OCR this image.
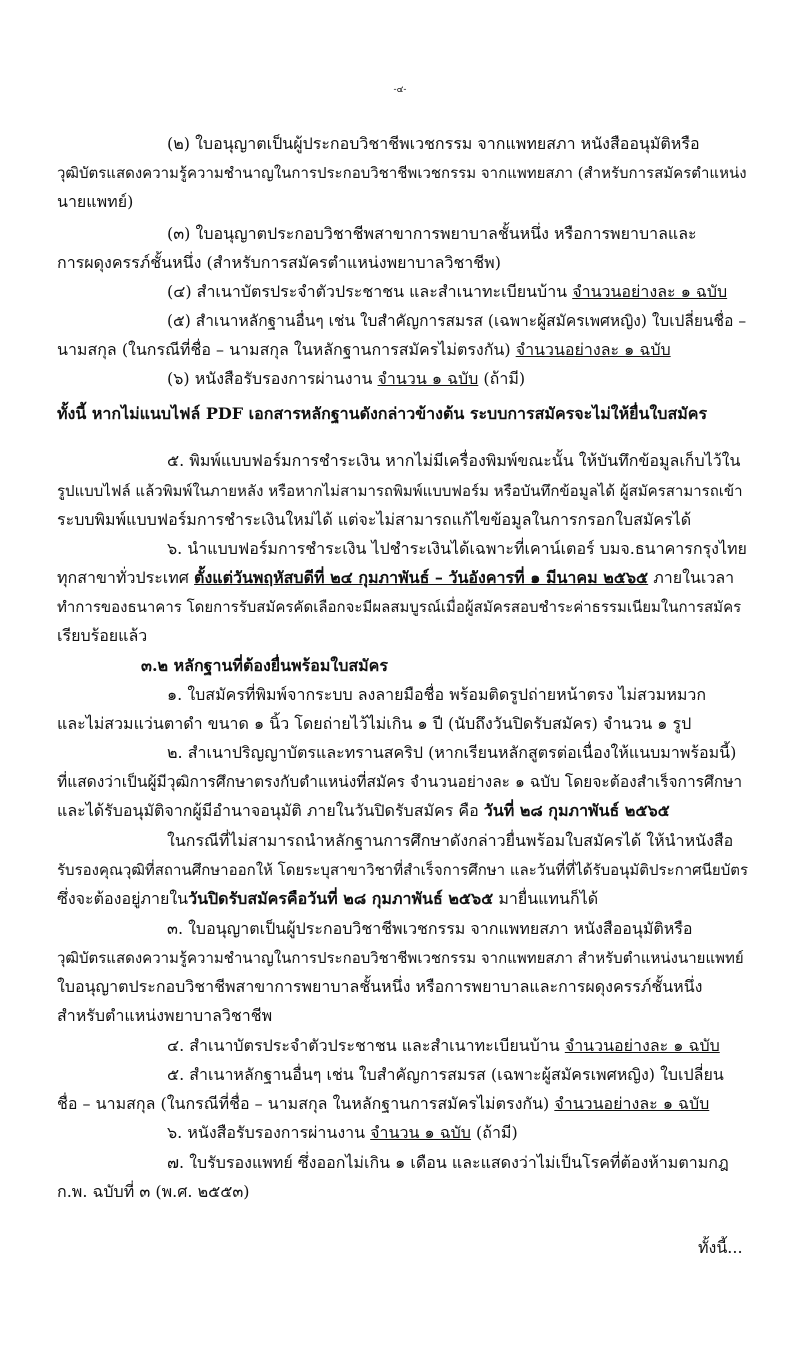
-๔-
(๒) ใบอนุญาตเป็นผู้ประกอบวิชาชีพเวชกรรม จากแพทยสภา หนังสืออนุมัติหรือ
วุฒิบัตรแสดงความรู้ความชำนาญในการประกอบวิชาชีพเวชกรรม จากแพทยสภา (สำหรับการสมัครตำแหน่ง
นายแพทย์)
(๓) ใบอนุญาตประกอบวิชาชีพสาขาการพยาบาลชั้นหนึ่ง หรือการพยาบาลและ
การผดุงครรภ์ชั้นหนึ่ง (สำหรับการสมัครตำแหน่งพยาบาลวิชาชีพ)
(๔) สำเนาบัตรประจำตัวประชาชน และสำเนาทะเบียนบ้าน จำนวนอย่างละ ๑ ฉบับ
(๕) สำเนาหลักฐานอื่นๆ เช่น ใบสำคัญการสมรส (เฉพาะผู้สมัครเพศหญิง) ใบเปลี่ยนชื่อ –
นามสกุล (ในกรณีที่ชื่อ – นามสกุล ในหลักฐานการสมัครไม่ตรงกัน) จำนวนอย่างละ ๑ ฉบับ
(๖) หนังสือรับรองการผ่านงาน จำนวน ๑ ฉบับ (ถ้ามี)
ทั้งนี้ หากไม่แนบไฟล์ PDF เอกสารหลักฐานดังกล่าวข้างต้น ระบบการสมัครจะไม่ให้ยื่นใบสมัคร
๕. พิมพ์แบบฟอร์มการชำระเงิน หากไม่มีเครื่องพิมพ์ขณะนั้น ให้บันทึกข้อมูลเก็บไว้ใน
รูปแบบไฟล์ แล้วพิมพ์ในภายหลัง หรือหากไม่สามารถพิมพ์แบบฟอร์ม หรือบันทึกข้อมูลได้ ผู้สมัครสามารถเข้า
ระบบพิมพ์แบบฟอร์มการชำระเงินใหม่ได้ แต่จะไม่สามารถแก้ไขข้อมูลในการกรอกใบสมัครได้
๖. นำแบบฟอร์มการชำระเงิน ไปชำระเงินได้เฉพาะที่เคาน์เตอร์ บมจ.ธนาคารกรุงไทย
ทุกสาขาทั่วประเทศ ตั้งแต่วันพฤหัสบดีที่ ๒๔ กุมภาพันธ์ – วันอังคารที่ ๑ มีนาคม ๒๕๖๕ ภายในเวลา
ทำการของธนาคาร โดยการรับสมัครคัดเลือกจะมีผลสมบูรณ์เมื่อผู้สมัครสอบชำระค่าธรรมเนียมในการสมัคร
เรียบร้อยแล้ว
๓.๒ หลักฐานที่ต้องยื่นพร้อมใบสมัคร
๑. ใบสมัครที่พิมพ์จากระบบ ลงลายมือชื่อ พร้อมติดรูปถ่ายหน้าตรง ไม่สวมหมวก
และไม่สวมแว่นตาดำ ขนาด ๑ นิ้ว โดยถ่ายไว้ไม่เกิน ๑ ปี (นับถึงวันปิดรับสมัคร) จำนวน ๑ รูป
๒. สำเนาปริญญาบัตรและทรานสคริป (หากเรียนหลักสูตรต่อเนื่องให้แนบมาพร้อมนี้)
ที่แสดงว่าเป็นผู้มีวุฒิการศึกษาตรงกับตำแหน่งที่สมัคร จำนวนอย่างละ ๑ ฉบับ โดยจะต้องสำเร็จการศึกษา
และได้รับอนุมัติจากผู้มีอำนาจอนุมัติ ภายในวันปิดรับสมัคร คือ วันที่ ๒๘ กุมภาพันธ์ ๒๕๖๕
ในกรณีที่ไม่สามารถนำหลักฐานการศึกษาดังกล่าวยื่นพร้อมใบสมัครได้ ให้นำหนังสือ
รับรองคุณวุฒิที่สถานศึกษาออกให้ โดยระบุสาขาวิชาที่สำเร็จการศึกษา และวันที่ที่ได้รับอนุมัติประกาศนียบัตร
ซึ่งจะต้องอยู่ภายในวันปิดรับสมัครคือวันที่ ๒๘ กุมภาพันธ์ ๒๕๖๕ มายื่นแทนก็ได้
๓. ใบอนุญาตเป็นผู้ประกอบวิชาชีพเวชกรรม จากแพทยสภา หนังสืออนุมัติหรือ
วุฒิบัตรแสดงความรู้ความชำนาญในการประกอบวิชาชีพเวชกรรม จากแพทยสภา สำหรับตำแหน่งนายแพทย์
ใบอนุญาตประกอบวิชาชีพสาขาการพยาบาลชั้นหนึ่ง หรือการพยาบาลและการผดุงครรภ์ชั้นหนึ่ง
สำหรับตำแหน่งพยาบาลวิชาชีพ
๔. สำเนาบัตรประจำตัวประชาชน และสำเนาทะเบียนบ้าน จำนวนอย่างละ ๑ ฉบับ
๕. สำเนาหลักฐานอื่นๆ เช่น ใบสำคัญการสมรส (เฉพาะผู้สมัครเพศหญิง) ใบเปลี่ยน
ชื่อ – นามสกุล (ในกรณีที่ชื่อ – นามสกุล ในหลักฐานการสมัครไม่ตรงกัน) จำนวนอย่างละ ๑ ฉบับ
๖. หนังสือรับรองการผ่านงาน จำนวน ๑ ฉบับ (ถ้ามี)
๗. ใบรับรองแพทย์ ซึ่งออกไม่เกิน ๑ เดือน และแสดงว่าไม่เป็นโรคที่ต้องห้ามตามกฎ
ก.พ. ฉบับที่ ๓ (พ.ศ. ๒๕๕๓)
ทั้งนี้...
